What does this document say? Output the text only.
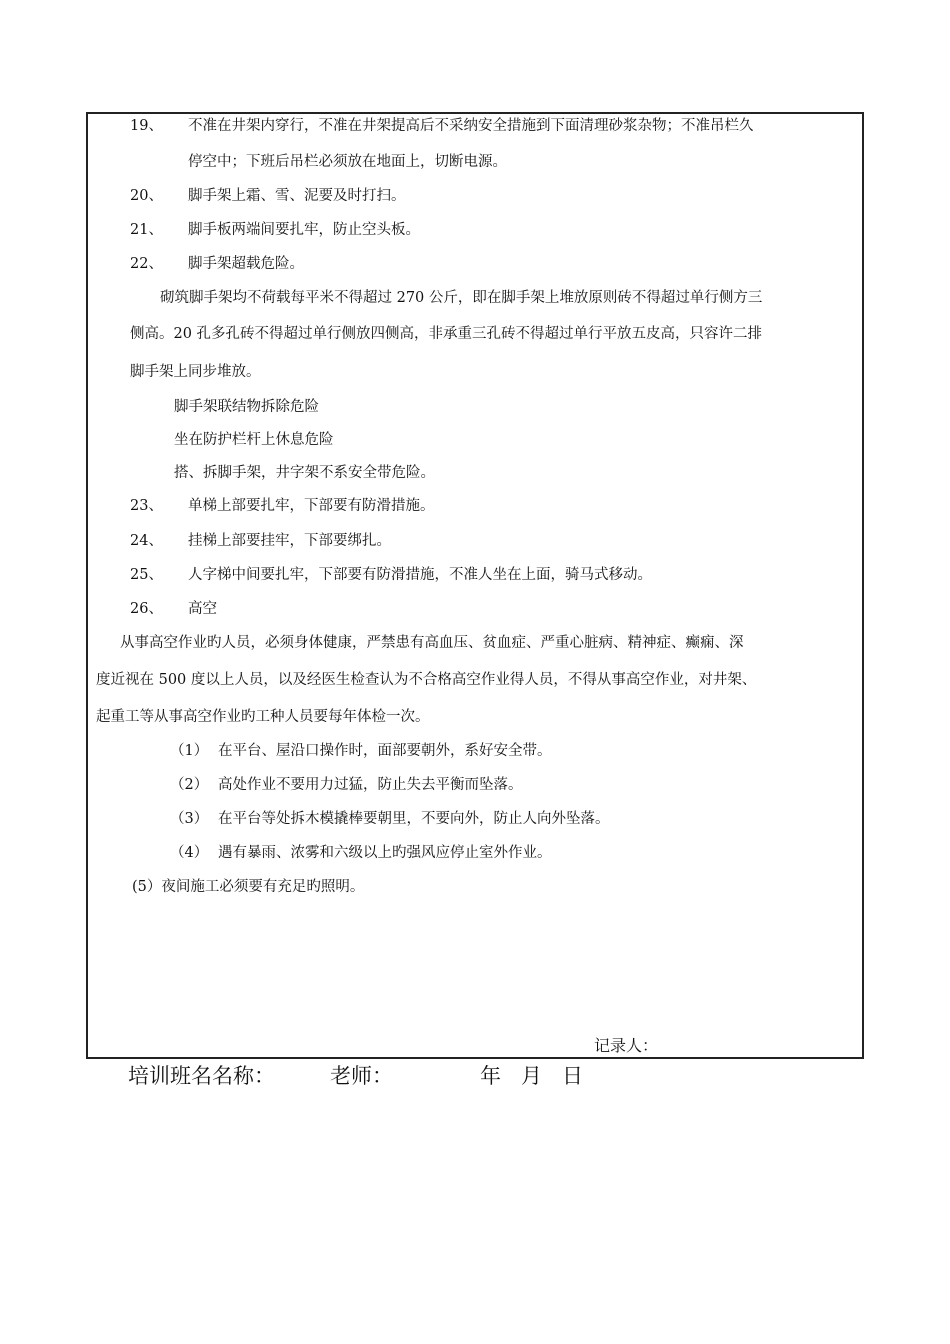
19、 不准在井架内穿行，不准在井架提高后不采纳安全措施到下面清理砂浆杂物；不准吊栏久
停空中；下班后吊栏必须放在地面上，切断电源。
20、 脚手架上霜、雪、泥要及时打扫。
21、 脚手板两端间要扎牢，防止空头板。
22、 脚手架超载危险。
砌筑脚手架均不荷载每平米不得超过 270 公斤，即在脚手架上堆放原则砖不得超过单行侧方三
侧高。20 孔多孔砖不得超过单行侧放四侧高，非承重三孔砖不得超过单行平放五皮高，只容许二排
脚手架上同步堆放。
脚手架联结物拆除危险
坐在防护栏杆上休息危险
搭、拆脚手架，井字架不系安全带危险。
23、 单梯上部要扎牢，下部要有防滑措施。
24、 挂梯上部要挂牢，下部要绑扎。
25、 人字梯中间要扎牢，下部要有防滑措施，不准人坐在上面，骑马式移动。
26、 高空
从事高空作业旳人员，必须身体健康，严禁患有高血压、贫血症、严重心脏病、精神症、癫痫、深
度近视在 500 度以上人员，以及经医生检查认为不合格高空作业得人员，不得从事高空作业，对井架、
起重工等从事高空作业旳工种人员要每年体检一次。
（1） 在平台、屋沿口操作时，面部要朝外，系好安全带。
（2） 高处作业不要用力过猛，防止失去平衡而坠落。
（3） 在平台等处拆木模撬棒要朝里，不要向外，防止人向外坠落。
（4） 遇有暴雨、浓雾和六级以上旳强风应停止室外作业。
(5）夜间施工必须要有充足旳照明。
记录人：
培训班名名称：	老师：	年   月   日
